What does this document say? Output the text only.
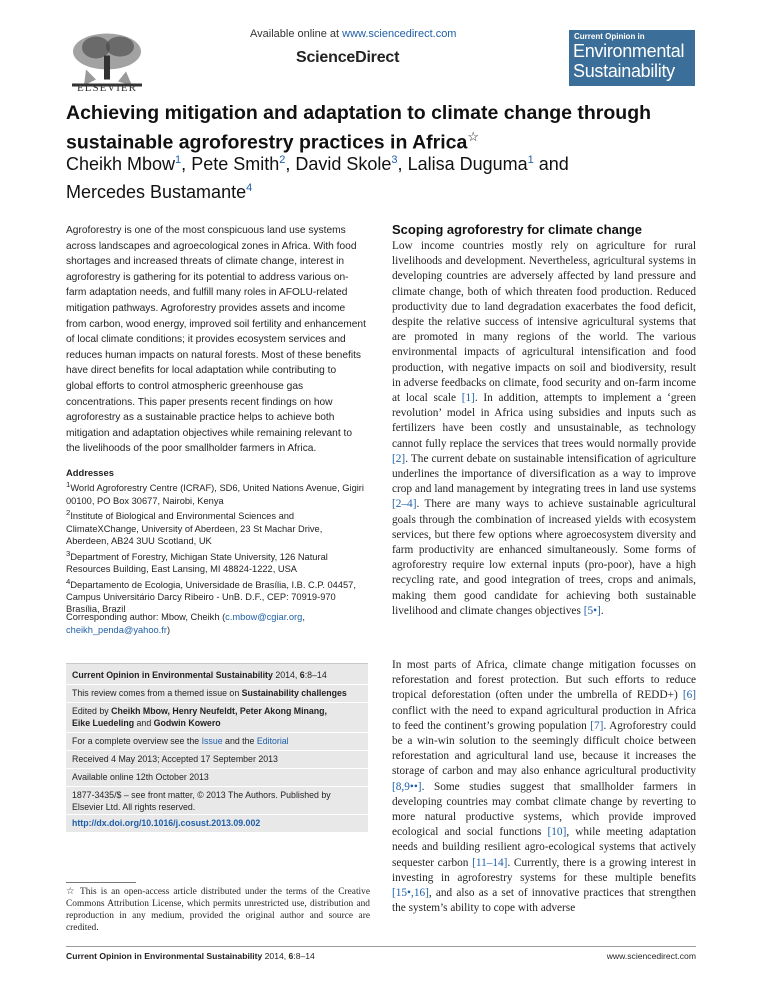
ELSEVIER
Available online at www.sciencedirect.com
ScienceDirect
Current Opinion in
Environmental
Sustainability
Achieving mitigation and adaptation to climate change through sustainable agroforestry practices in Africa☆
Cheikh Mbow$^1$, Pete Smith$^2$, David Skole$^3$, Lalisa Duguma$^1$ and
Mercedes Bustamante$^4$
Agroforestry is one of the most conspicuous land use systems across landscapes and agroecological zones in Africa. With food shortages and increased threats of climate change, interest in agroforestry is gathering for its potential to address various on-farm adaptation needs, and fulfill many roles in AFOLU-related mitigation pathways. Agroforestry provides assets and income from carbon, wood energy, improved soil fertility and enhancement of local climate conditions; it provides ecosystem services and reduces human impacts on natural forests. Most of these benefits have direct benefits for local adaptation while contributing to global efforts to control atmospheric greenhouse gas concentrations. This paper presents recent findings on how agroforestry as a sustainable practice helps to achieve both mitigation and adaptation objectives while remaining relevant to the livelihoods of the poor smallholder farmers in Africa.
Addresses
$^1$World Agroforestry Centre (ICRAF), SD6, United Nations Avenue, Gigiri 00100, PO Box 30677, Nairobi, Kenya
$^2$Institute of Biological and Environmental Sciences and ClimateXChange, University of Aberdeen, 23 St Machar Drive, Aberdeen, AB24 3UU Scotland, UK
$^3$Department of Forestry, Michigan State University, 126 Natural Resources Building, East Lansing, MI 48824-1222, USA
$^4$Departamento de Ecologia, Universidade de Brasília, I.B. C.P. 04457, Campus Universitário Darcy Ribeiro - UnB. D.F., CEP: 70919-970 Brasília, Brazil
Corresponding author: Mbow, Cheikh (c.mbow@cgiar.org,
cheikh_penda@yahoo.fr)
Current Opinion in Environmental Sustainability 2014, 6:8–14
This review comes from a themed issue on Sustainability challenges
Edited by Cheikh Mbow, Henry Neufeldt, Peter Akong Minang,
Eike Luedeling and Godwin Kowero
For a complete overview see the Issue and the Editorial
Received 4 May 2013; Accepted 17 September 2013
Available online 12th October 2013
1877-3435/$ – see front matter, © 2013 The Authors. Published by
Elsevier Ltd. All rights reserved.
http://dx.doi.org/10.1016/j.cosust.2013.09.002
☆ This is an open-access article distributed under the terms of the Creative Commons Attribution License, which permits unrestricted use, distribution and reproduction in any medium, provided the original author and source are credited.
Scoping agroforestry for climate change
Low income countries mostly rely on agriculture for rural livelihoods and development. Nevertheless, agricultural systems in developing countries are adversely affected by land pressure and climate change, both of which threaten food production. Reduced productivity due to land degradation exacerbates the food deficit, despite the relative success of intensive agricultural systems that are promoted in many regions of the world. The various environmental impacts of agricultural intensification and food production, with negative impacts on soil and biodiversity, result in adverse feedbacks on climate, food security and on-farm income at local scale [1]. In addition, attempts to implement a ‘green revolution’ model in Africa using subsidies and inputs such as fertilizers have been costly and unsustainable, as technology cannot fully replace the services that trees would normally provide [2]. The current debate on sustainable intensification of agriculture underlines the importance of diversification as a way to improve crop and land management by integrating trees in land use systems [2–4]. There are many ways to achieve sustainable agricultural goals through the combination of increased yields with ecosystem services, but there few options where agroecosystem diversity and farm productivity are enhanced simultaneously. Some forms of agroforestry require low external inputs (pro-poor), have a high recycling rate, and good integration of trees, crops and animals, making them good candidate for achieving both sustainable livelihood and climate changes objectives [5•].
In most parts of Africa, climate change mitigation focusses on reforestation and forest protection. But such efforts to reduce tropical deforestation (often under the umbrella of REDD+) [6] conflict with the need to expand agricultural production in Africa to feed the continent’s growing population [7]. Agroforestry could be a win-win solution to the seemingly difficult choice between reforestation and agricultural land use, because it increases the storage of carbon and may also enhance agricultural productivity [8,9••]. Some studies suggest that smallholder farmers in developing countries may combat climate change by reverting to more natural productive systems, which provide improved ecological and social functions [10], while meeting adaptation needs and building resilient agro-ecological systems that actively sequester carbon [11–14]. Currently, there is a growing interest in investing in agroforestry systems for these multiple benefits [15•,16], and also as a set of innovative practices that strengthen the system’s ability to cope with adverse
Current Opinion in Environmental Sustainability 2014, 6:8–14	www.sciencedirect.com
